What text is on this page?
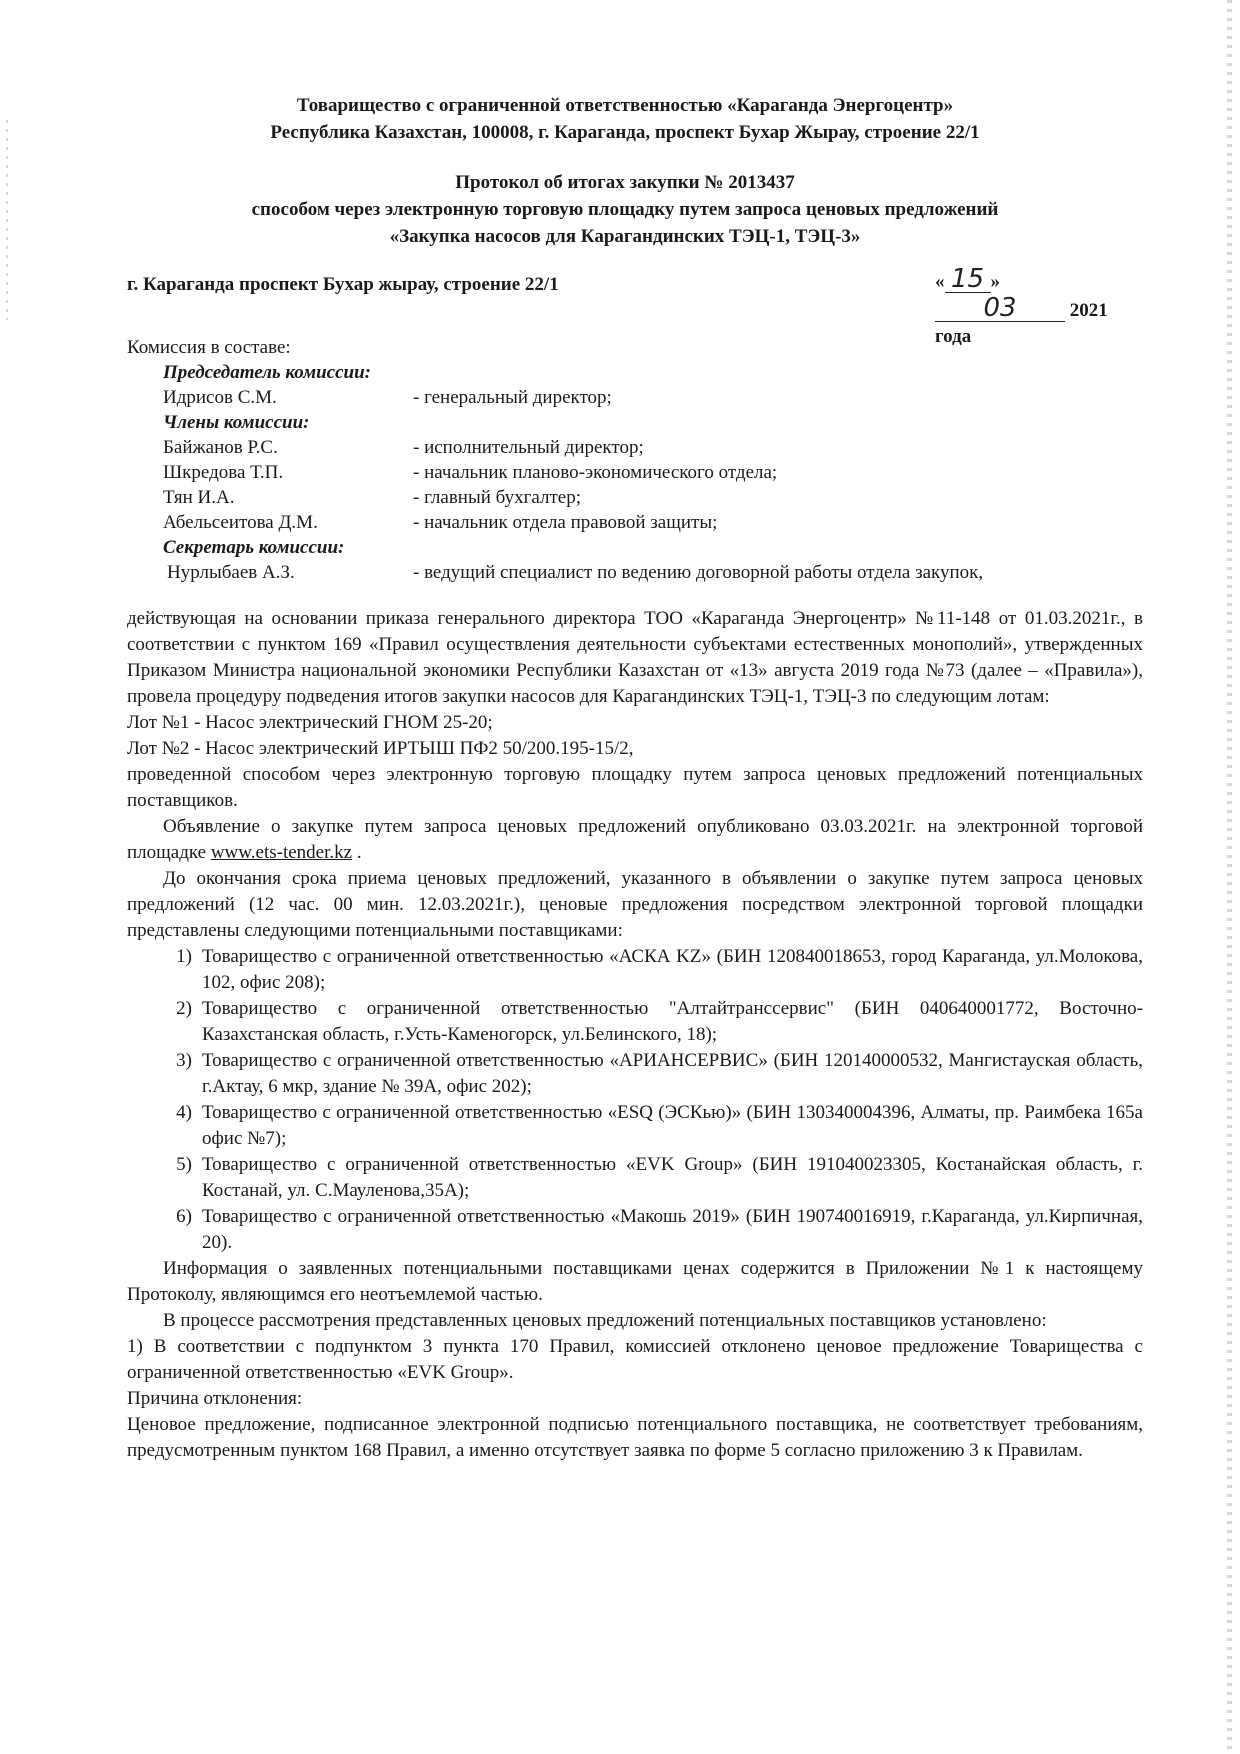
Товарищество с ограниченной ответственностью «Караганда Энергоцентр»
Республика Казахстан, 100008, г. Караганда, проспект Бухар Жырау, строение 22/1
Протокол об итогах закупки № 2013437
способом через электронную торговую площадку путем запроса ценовых предложений
«Закупка насосов для Карагандинских ТЭЦ-1, ТЭЦ-3»
г. Караганда проспект Бухар жырау, строение 22/1	« 15 » 03	2021 года
Комиссия в составе:
Председатель комиссии:
Идрисов С.М.	- генеральный директор;
Члены комиссии:
Байжанов Р.С.	- исполнительный директор;
Шкредова Т.П.	- начальник планово-экономического отдела;
Тян И.А.	- главный бухгалтер;
Абельсеитова Д.М.	- начальник отдела правовой защиты;
Секретарь комиссии:
Нурлыбаев А.З.	- ведущий специалист по ведению договорной работы отдела закупок,

действующая на основании приказа генерального директора ТОО «Караганда Энергоцентр» №11-148 от 01.03.2021г., в соответствии с пунктом 169 «Правил осуществления деятельности субъектами естественных монополий», утвержденных Приказом Министра национальной экономики Республики Казахстан от «13» августа 2019 года №73 (далее – «Правила»), провела процедуру подведения итогов закупки насосов для Карагандинских ТЭЦ-1, ТЭЦ-3 по следующим лотам:

Лот №1 - Насос электрический ГНОМ 25-20;

Лот №2 - Насос электрический ИРТЫШ ПФ2 50/200.195-15/2,

проведенной способом через электронную торговую площадку путем запроса ценовых предложений потенциальных поставщиков.

Объявление о закупке путем запроса ценовых предложений опубликовано 03.03.2021г. на электронной торговой площадке www.ets-tender.kz .

До окончания срока приема ценовых предложений, указанного в объявлении о закупке путем запроса ценовых предложений (12 час. 00 мин. 12.03.2021г.), ценовые предложения посредством электронной торговой площадки представлены следующими потенциальными поставщиками:

1) Товарищество с ограниченной ответственностью «АСКА KZ» (БИН 120840018653, город Караганда, ул.Молокова, 102, офис 208);
2) Товарищество с ограниченной ответственностью "Алтайтранссервис" (БИН 040640001772, Восточно-Казахстанская область, г.Усть-Каменогорск, ул.Белинского, 18);
3) Товарищество с ограниченной ответственностью «АРИАНСЕРВИС» (БИН 120140000532, Мангистауская область, г.Актау, 6 мкр, здание № 39А, офис 202);
4) Товарищество с ограниченной ответственностью «ESQ (ЭСКью)» (БИН 130340004396, Алматы, пр. Раимбека 165а офис №7);
5) Товарищество с ограниченной ответственностью «EVK Group» (БИН 191040023305, Костанайская область, г. Костанай, ул. С.Мауленова,35А);
6) Товарищество с ограниченной ответственностью «Макошь 2019» (БИН 190740016919, г.Караганда, ул.Кирпичная, 20).

Информация о заявленных потенциальными поставщиками ценах содержится в Приложении №1 к настоящему Протоколу, являющимся его неотъемлемой частью.

В процессе рассмотрения представленных ценовых предложений потенциальных поставщиков установлено:

1) В соответствии с подпунктом 3 пункта 170 Правил, комиссией отклонено ценовое предложение Товарищества с ограниченной ответственностью «EVK Group».

Причина отклонения:

Ценовое предложение, подписанное электронной подписью потенциального поставщика, не соответствует требованиям, предусмотренным пунктом 168 Правил, а именно отсутствует заявка по форме 5 согласно приложению 3 к Правилам.
